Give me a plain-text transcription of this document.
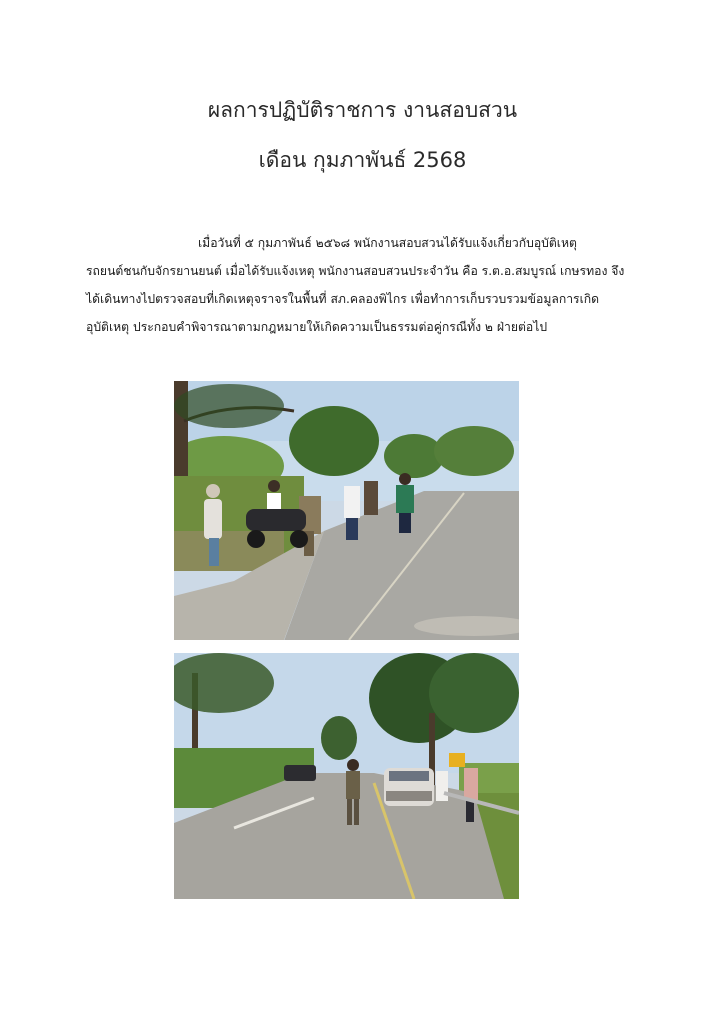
ผลการปฏิบัติราชการ งานสอบสวน
เดือน กุมภาพันธ์ 2568

เมื่อวันที่ ๕ กุมภาพันธ์ ๒๕๖๘ พนักงานสอบสวนได้รับแจ้งเกี่ยวกับอุบัติเหตุ
รถยนต์ชนกับจักรยานยนต์ เมื่อได้รับแจ้งเหตุ พนักงานสอบสวนประจำวัน คือ ร.ต.อ.สมบูรณ์ เกษรทอง จึง
ได้เดินทางไปตรวจสอบที่เกิดเหตุจราจรในพื้นที่ สภ.คลองพิไกร เพื่อทำการเก็บรวบรวมข้อมูลการเกิด
อุบัติเหตุ ประกอบคำพิจารณาตามกฎหมายให้เกิดความเป็นธรรมต่อคู่กรณีทั้ง ๒ ฝ่ายต่อไป
